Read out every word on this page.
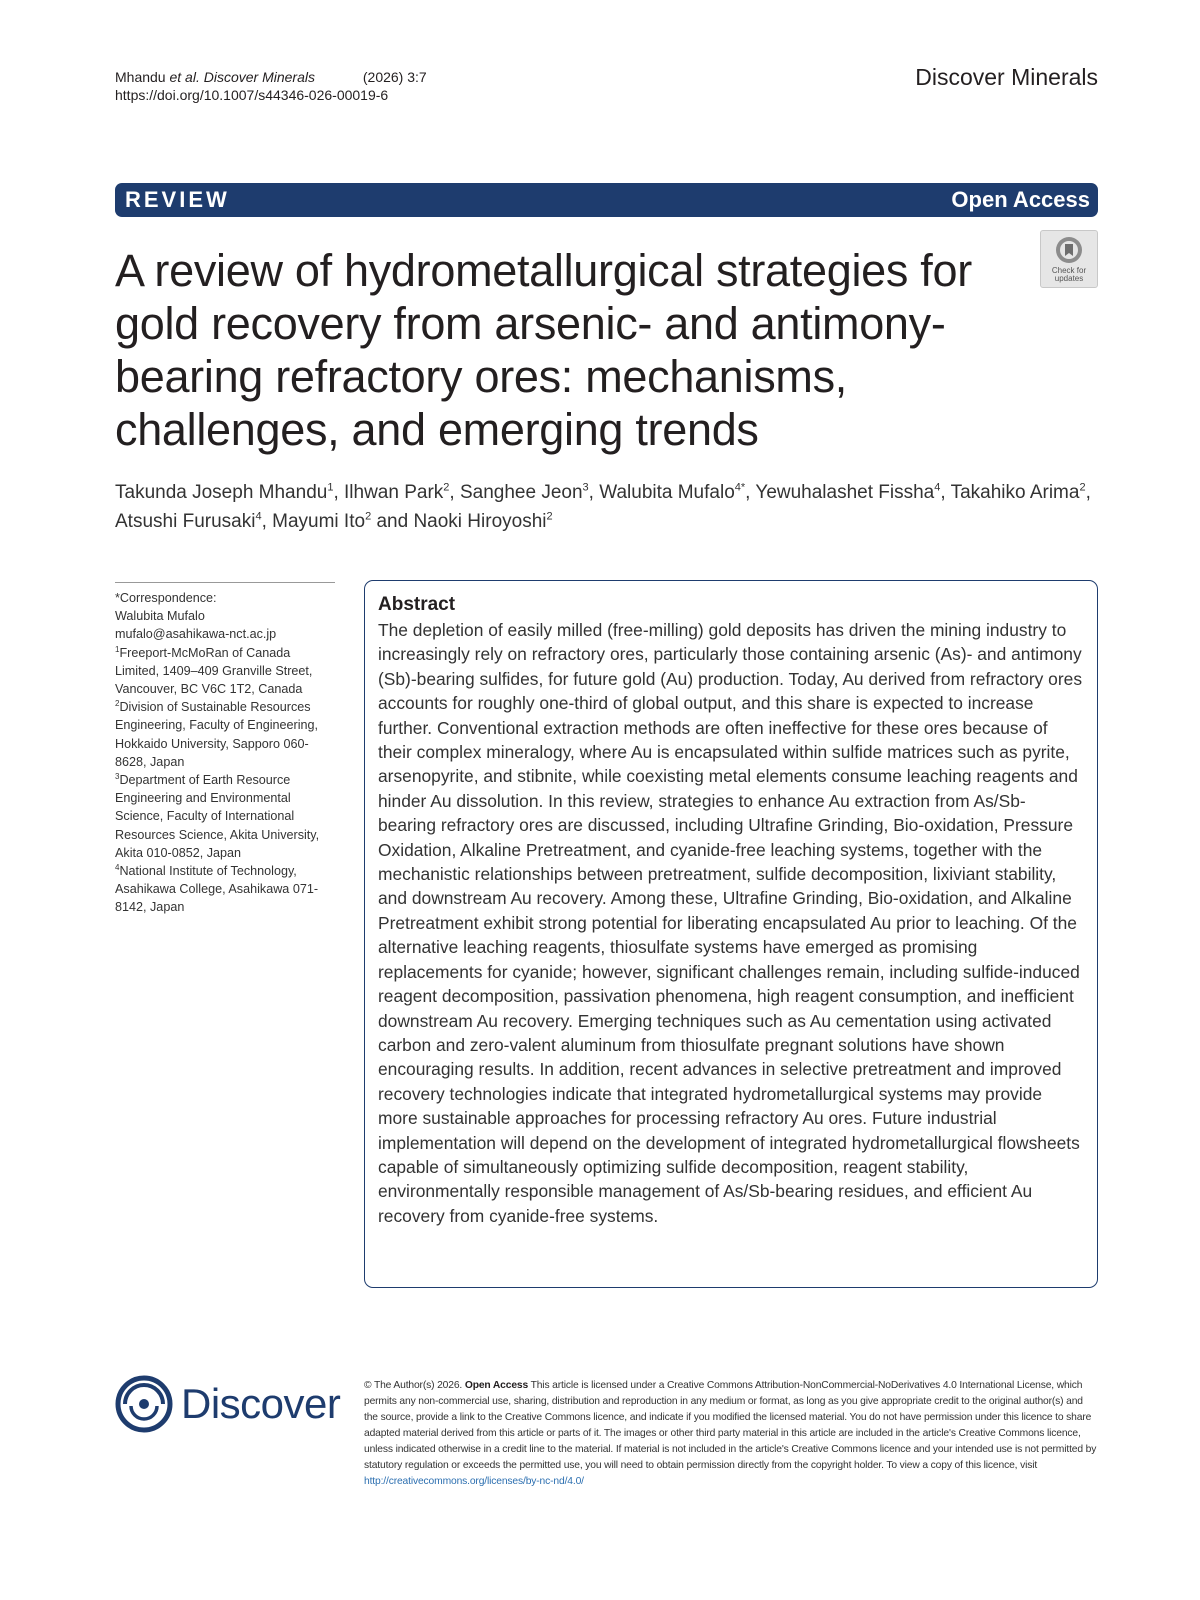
Mhandu et al. Discover Minerals	(2026) 3:7
https://doi.org/10.1007/s44346-026-00019-6
Discover Minerals
REVIEW	Open Access
Check for updates
A review of hydrometallurgical strategies for gold recovery from arsenic- and antimony-bearing refractory ores: mechanisms, challenges, and emerging trends
Takunda Joseph Mhandu$^1$, Ilhwan Park$^2$, Sanghee Jeon$^3$, Walubita Mufalo$^{4*}$, Yewuhalashet Fissha$^4$, Takahiko Arima$^2$, Atsushi Furusaki$^4$, Mayumi Ito$^2$ and Naoki Hiroyoshi$^2$
*Correspondence:
Walubita Mufalo
mufalo@asahikawa-nct.ac.jp
$^1$Freeport-McMoRan of Canada Limited, 1409–409 Granville Street, Vancouver, BC V6C 1T2, Canada
$^2$Division of Sustainable Resources Engineering, Faculty of Engineering, Hokkaido University, Sapporo 060-8628, Japan
$^3$Department of Earth Resource Engineering and Environmental Science, Faculty of International Resources Science, Akita University, Akita 010-0852, Japan
$^4$National Institute of Technology, Asahikawa College, Asahikawa 071-8142, Japan
Abstract

The depletion of easily milled (free-milling) gold deposits has driven the mining industry to increasingly rely on refractory ores, particularly those containing arsenic (As)- and antimony (Sb)-bearing sulfides, for future gold (Au) production. Today, Au derived from refractory ores accounts for roughly one-third of global output, and this share is expected to increase further. Conventional extraction methods are often ineffective for these ores because of their complex mineralogy, where Au is encapsulated within sulfide matrices such as pyrite, arsenopyrite, and stibnite, while coexisting metal elements consume leaching reagents and hinder Au dissolution. In this review, strategies to enhance Au extraction from As/Sb-bearing refractory ores are discussed, including Ultrafine Grinding, Bio-oxidation, Pressure Oxidation, Alkaline Pretreatment, and cyanide-free leaching systems, together with the mechanistic relationships between pretreatment, sulfide decomposition, lixiviant stability, and downstream Au recovery. Among these, Ultrafine Grinding, Bio-oxidation, and Alkaline Pretreatment exhibit strong potential for liberating encapsulated Au prior to leaching. Of the alternative leaching reagents, thiosulfate systems have emerged as promising replacements for cyanide; however, significant challenges remain, including sulfide-induced reagent decomposition, passivation phenomena, high reagent consumption, and inefficient downstream Au recovery. Emerging techniques such as Au cementation using activated carbon and zero-valent aluminum from thiosulfate pregnant solutions have shown encouraging results. In addition, recent advances in selective pretreatment and improved recovery technologies indicate that integrated hydrometallurgical systems may provide more sustainable approaches for processing refractory Au ores. Future industrial implementation will depend on the development of integrated hydrometallurgical flowsheets capable of simultaneously optimizing sulfide decomposition, reagent stability, environmentally responsible management of As/Sb-bearing residues, and efficient Au recovery from cyanide-free systems.

Discover © The Author(s) 2026. Open Access This article is licensed under a Creative Commons Attribution-NonCommercial-NoDerivatives 4.0 International License, which permits any non-commercial use, sharing, distribution and reproduction in any medium or format, as long as you give appropriate credit to the original author(s) and the source, provide a link to the Creative Commons licence, and indicate if you modified the licensed material. You do not have permission under this licence to share adapted material derived from this article or parts of it. The images or other third party material in this article are included in the article's Creative Commons licence, unless indicated otherwise in a credit line to the material. If material is not included in the article's Creative Commons licence and your intended use is not permitted by statutory regulation or exceeds the permitted use, you will need to obtain permission directly from the copyright holder. To view a copy of this licence, visit http://creativecommons.org/licenses/by-nc-nd/4.0/
